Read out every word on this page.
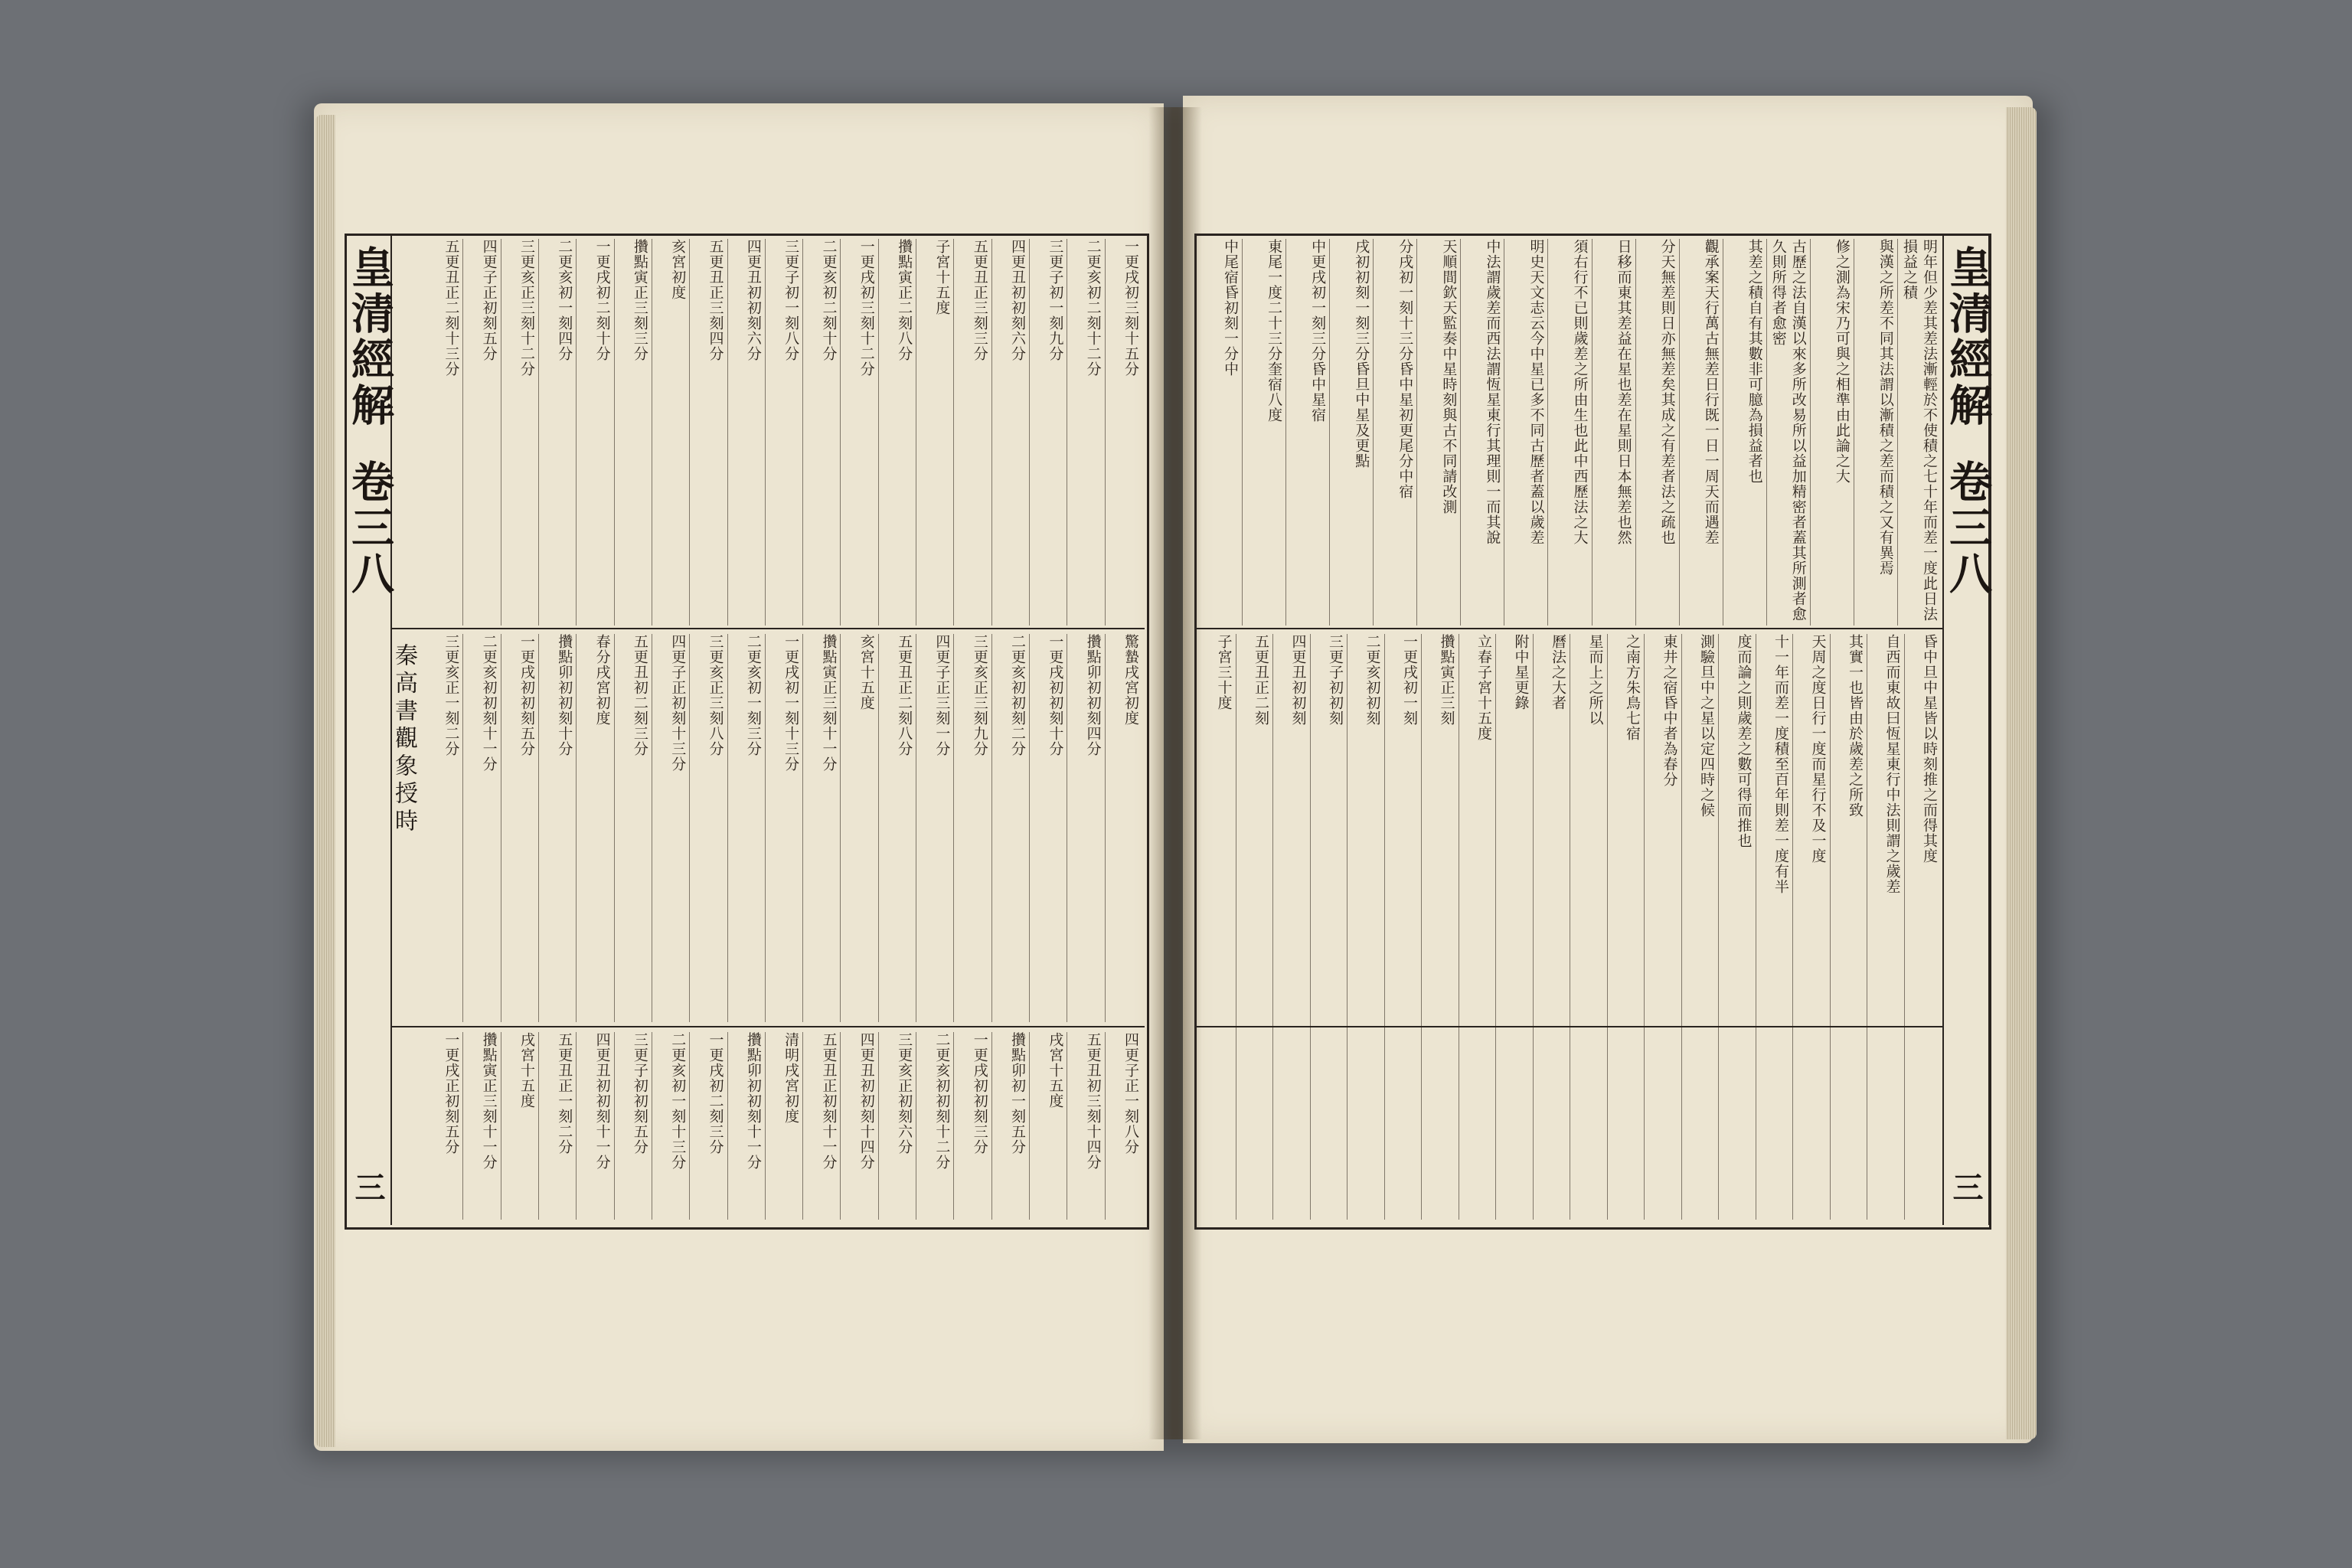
皇清經解
卷三八
三
秦高書觀象授時
一更戌初三刻十五分
二更亥初二刻十二分
三更子初一刻九分
四更丑初初刻六分
五更丑正三刻三分
子宮十五度
攢點寅正二刻八分
一更戌初三刻十二分
二更亥初二刻十分
三更子初一刻八分
四更丑初初刻六分
五更丑正三刻四分
亥宮初度
攢點寅正三刻三分
一更戌初二刻十分
二更亥初一刻四分
三更亥正三刻十二分
四更子正初刻五分
五更丑正二刻十三分
驚蟄戌宮初度
攢點卯初初刻四分
一更戌初初刻十分
二更亥初初刻二分
三更亥正三刻九分
四更子正三刻一分
五更丑正二刻八分
亥宮十五度
攢點寅正三刻十一分
一更戌初一刻十三分
二更亥初一刻三分
三更亥正三刻八分
四更子正初刻十三分
五更丑初二刻三分
春分戌宮初度
攢點卯初初刻十分
一更戌初初刻五分
二更亥初初刻十一分
三更亥正一刻二分
四更子正一刻八分
五更丑初三刻十四分
戌宮十五度
攢點卯初一刻五分
一更戌初初刻三分
二更亥初初刻十二分
三更亥正初刻六分
四更丑初初刻十四分
五更丑正初刻十一分
清明戌宮初度
攢點卯初初刻十一分
一更戌初二刻三分
二更亥初一刻十三分
三更子初初刻五分
四更丑初初刻十一分
五更丑正一刻二分
戌宮十五度
攢點寅正三刻十一分
一更戌正初刻五分
皇清經解
卷三八
三
明年但少差其差法漸輕於不使積之七十年而差一度此日法損益之積
與漢之所差不同其法謂以漸積之差而積之又有異焉
修之測為宋乃可與之相準由此論之大
古歷之法自漢以來多所改易所以益加精密者蓋其所測者愈久則所得者愈密
其差之積自有其數非可臆為損益者也
觀承案天行萬古無差日行既一日一周天而遇差
分天無差則日亦無差矣其成之有差者法之疏也
日移而東其差益在星也差在星則日本無差也然
須右行不已則歲差之所由生也此中西歷法之大
明史天文志云今中星已多不同古歷者蓋以歲差
中法謂歲差而西法謂恆星東行其理則一而其說
天順間欽天監奏中星時刻與古不同請改測
分戌初一刻十三分昏中星初更尾分中宿
戌初初刻一刻三分昏旦中星及更點
中更戌初一刻三分昏中星宿
東尾一度二十三分奎宿八度
中尾宿昏初刻一分中
昏中旦中星皆以時刻推之而得其度
自西而東故曰恆星東行中法則謂之歲差
其實一也皆由於歲差之所致
天周之度日行一度而星行不及一度
十一年而差一度積至百年則差一度有半
度而論之則歲差之數可得而推也
測驗旦中之星以定四時之候
東井之宿昏中者為春分
之南方朱鳥七宿
星而上之所以
曆法之大者
附中星更錄
立春子宮十五度
攢點寅正三刻
一更戌初一刻
二更亥初初刻
三更子初初刻
四更丑初初刻
五更丑正二刻
子宮三十度
